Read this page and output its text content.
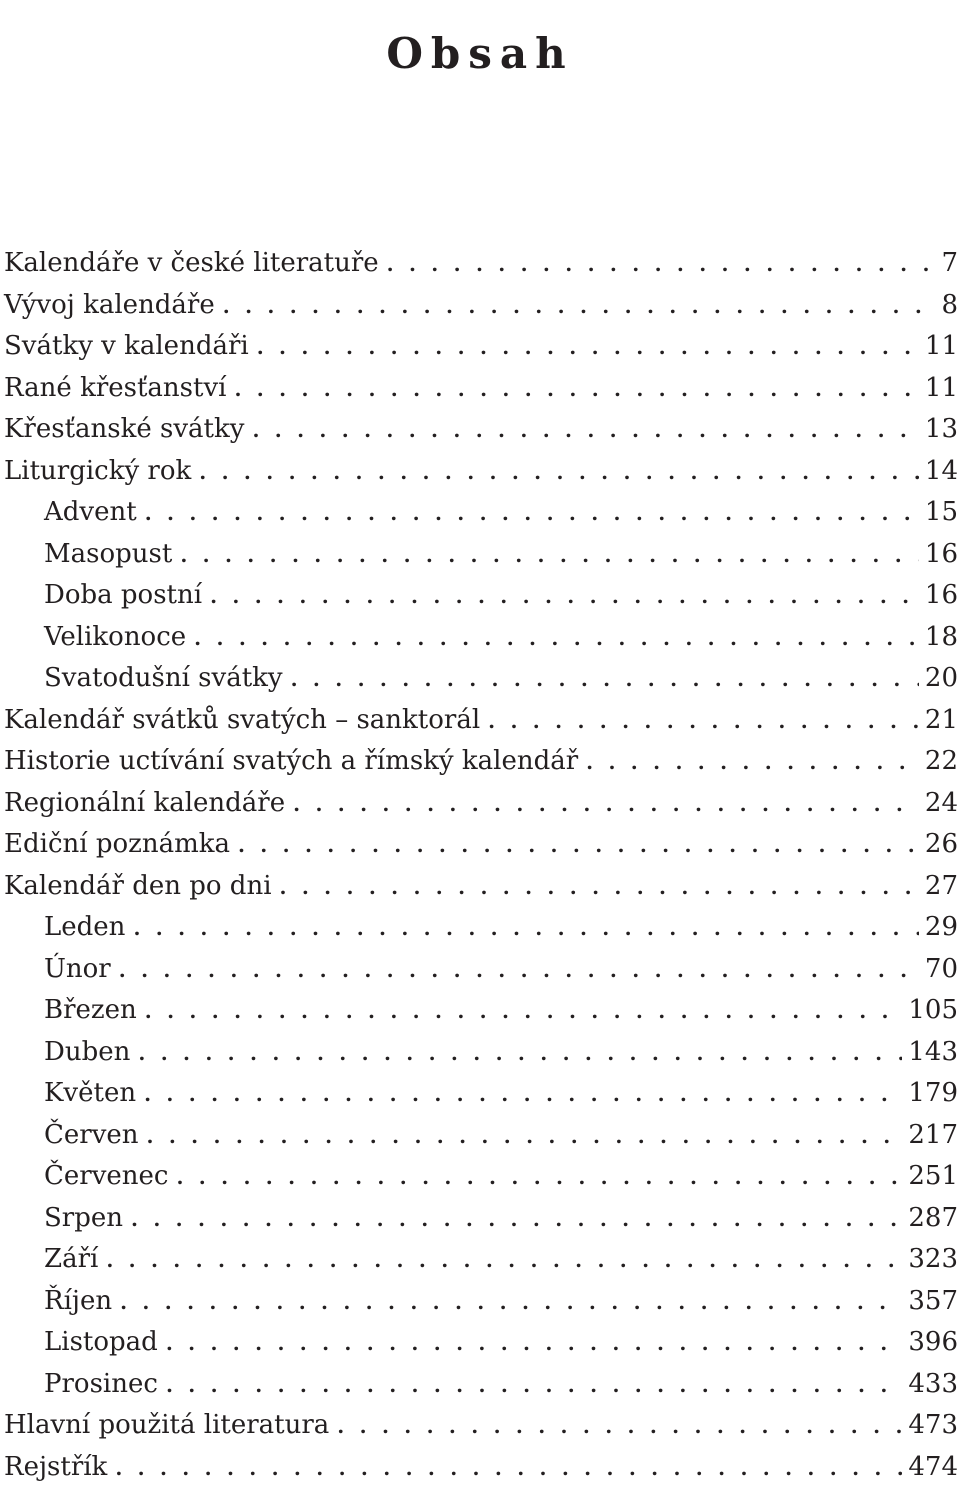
Obsah
Kalendáře v české literatuře . . .	7
Vývoj kalendáře . . .	8
Svátky v kalendáři . . .	11
Rané křesťanství . . .	11
Křesťanské svátky . . .	13
Liturgický rok . . .	14
Advent . . .	15
Masopust . . .	16
Doba postní . . .	16
Velikonoce . . .	18
Svatodušní svátky . . .	20
Kalendář svátků svatých – sanktorál . . .	21
Historie uctívání svatých a římský kalendář . . .	22
Regionální kalendáře . . .	24
Ediční poznámka . . .	26
Kalendář den po dni . . .	27
Leden . . .	29
Únor . . .	70
Březen . . .	105
Duben . . .	143
Květen . . .	179
Červen . . .	217
Červenec . . .	251
Srpen . . .	287
Září . . .	323
Říjen . . .	357
Listopad . . .	396
Prosinec . . .	433
Hlavní použitá literatura . . .	473
Rejstřík . . .	474
